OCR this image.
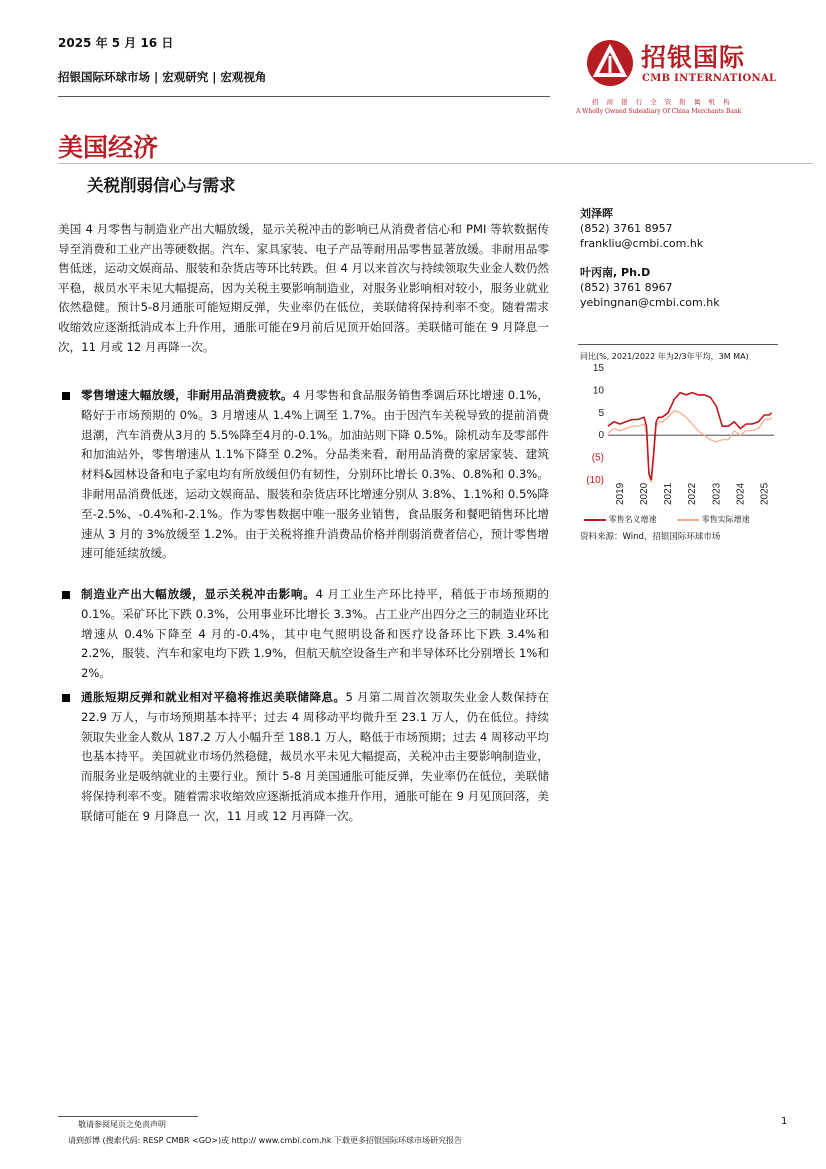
2025 年 5 月 16 日
招银国际环球市场 | 宏观研究 | 宏观视角
招银国际
CMB INTERNATIONAL
招 商 银 行 全 资 附 属 机 构
A Wholly Owned Subsidiary Of China Merchants Bank
美国经济
关税削弱信心与需求
美国 4 月零售与制造业产出大幅放缓，显示关税冲击的影响已从消费者信心和 PMI 等软数据传导至消费和工业产出等硬数据。汽车、家具家装、电子产品等耐用品零售显著放缓。非耐用品零售低迷，运动文娱商品、服装和杂货店等环比转跌。但 4 月以来首次与持续领取失业金人数仍然平稳，裁员水平未见大幅提高，因为关税主要影响制造业，对服务业影响相对较小，服务业就业依然稳健。预计5-8月通胀可能短期反弹，失业率仍在低位，美联储将保持利率不变。随着需求收缩效应逐渐抵消成本上升作用，通胀可能在9月前后见顶开始回落。美联储可能在 9 月降息一 次，11 月或 12 月再降一次。
零售增速大幅放缓，非耐用品消费疲软。4 月零售和食品服务销售季调后环比增速 0.1%，略好于市场预期的 0%。3 月增速从 1.4%上调至 1.7%。由于因汽车关税导致的提前消费退潮，汽车消费从3月的 5.5%降至4月的-0.1%。加油站则下降 0.5%。除机动车及零部件和加油站外，零售增速从 1.1%下降至 0.2%。分品类来看，耐用品消费的家居家装、建筑材料&园林设备和电子家电均有所放缓但仍有韧性，分别环比增长 0.3%、0.8%和 0.3%。非耐用品消费低迷，运动文娱商品、服装和杂货店环比增速分别从 3.8%、1.1%和 0.5%降至-2.5%、-0.4%和-2.1%。作为零售数据中唯一服务业销售，食品服务和餐吧销售环比增速从 3 月的 3%放缓至 1.2%。由于关税将推升消费品价格并削弱消费者信心，预计零售增速可能延续放缓。
制造业产出大幅放缓，显示关税冲击影响。4 月工业生产环比持平，稍低于市场预期的 0.1%。采矿环比下跌 0.3%，公用事业环比增长 3.3%。占工业产出四分之三的制造业环比增速从 0.4%下降至 4 月的-0.4%，其中电气照明设备和医疗设备环比下跌 3.4%和 2.2%，服装、汽车和家电均下跌 1.9%，但航天航空设备生产和半导体环比分别增长 1%和 2%。
通胀短期反弹和就业相对平稳将推迟美联储降息。5 月第二周首次领取失业金人数保持在 22.9 万人，与市场预期基本持平；过去 4 周移动平均微升至 23.1 万人，仍在低位。持续领取失业金人数从 187.2 万人小幅升至 188.1 万人，略低于市场预期；过去 4 周移动平均也基本持平。美国就业市场仍然稳健，裁员水平未见大幅提高，关税冲击主要影响制造业，而服务业是吸纳就业的主要行业。预计 5-8 月美国通胀可能反弹，失业率仍在低位，美联储将保持利率不变。随着需求收缩效应逐渐抵消成本推升作用，通胀可能在 9 月见顶回落，美联储可能在 9 月降息一 次，11 月或 12 月再降一次。
刘泽晖
(852) 3761 8957
frankliu@cmbi.com.hk
叶丙南, Ph.D
(852) 3761 8967
yebingnan@cmbi.com.hk
同比(%, 2021/2022 年为2/3年平均，3M MA)
15
10
5
0
(5)
(10)
2019 2020 2021 2022 2023 2024 2025
零售名义增速	零售实际增速
资料来源：Wind，招银国际环球市场
敬请参阅尾页之免责声明
请到彭博 (搜索代码: RESP CMBR <GO>)或 http:// www.cmbi.com.hk 下载更多招银国际环球市场研究报告
1
